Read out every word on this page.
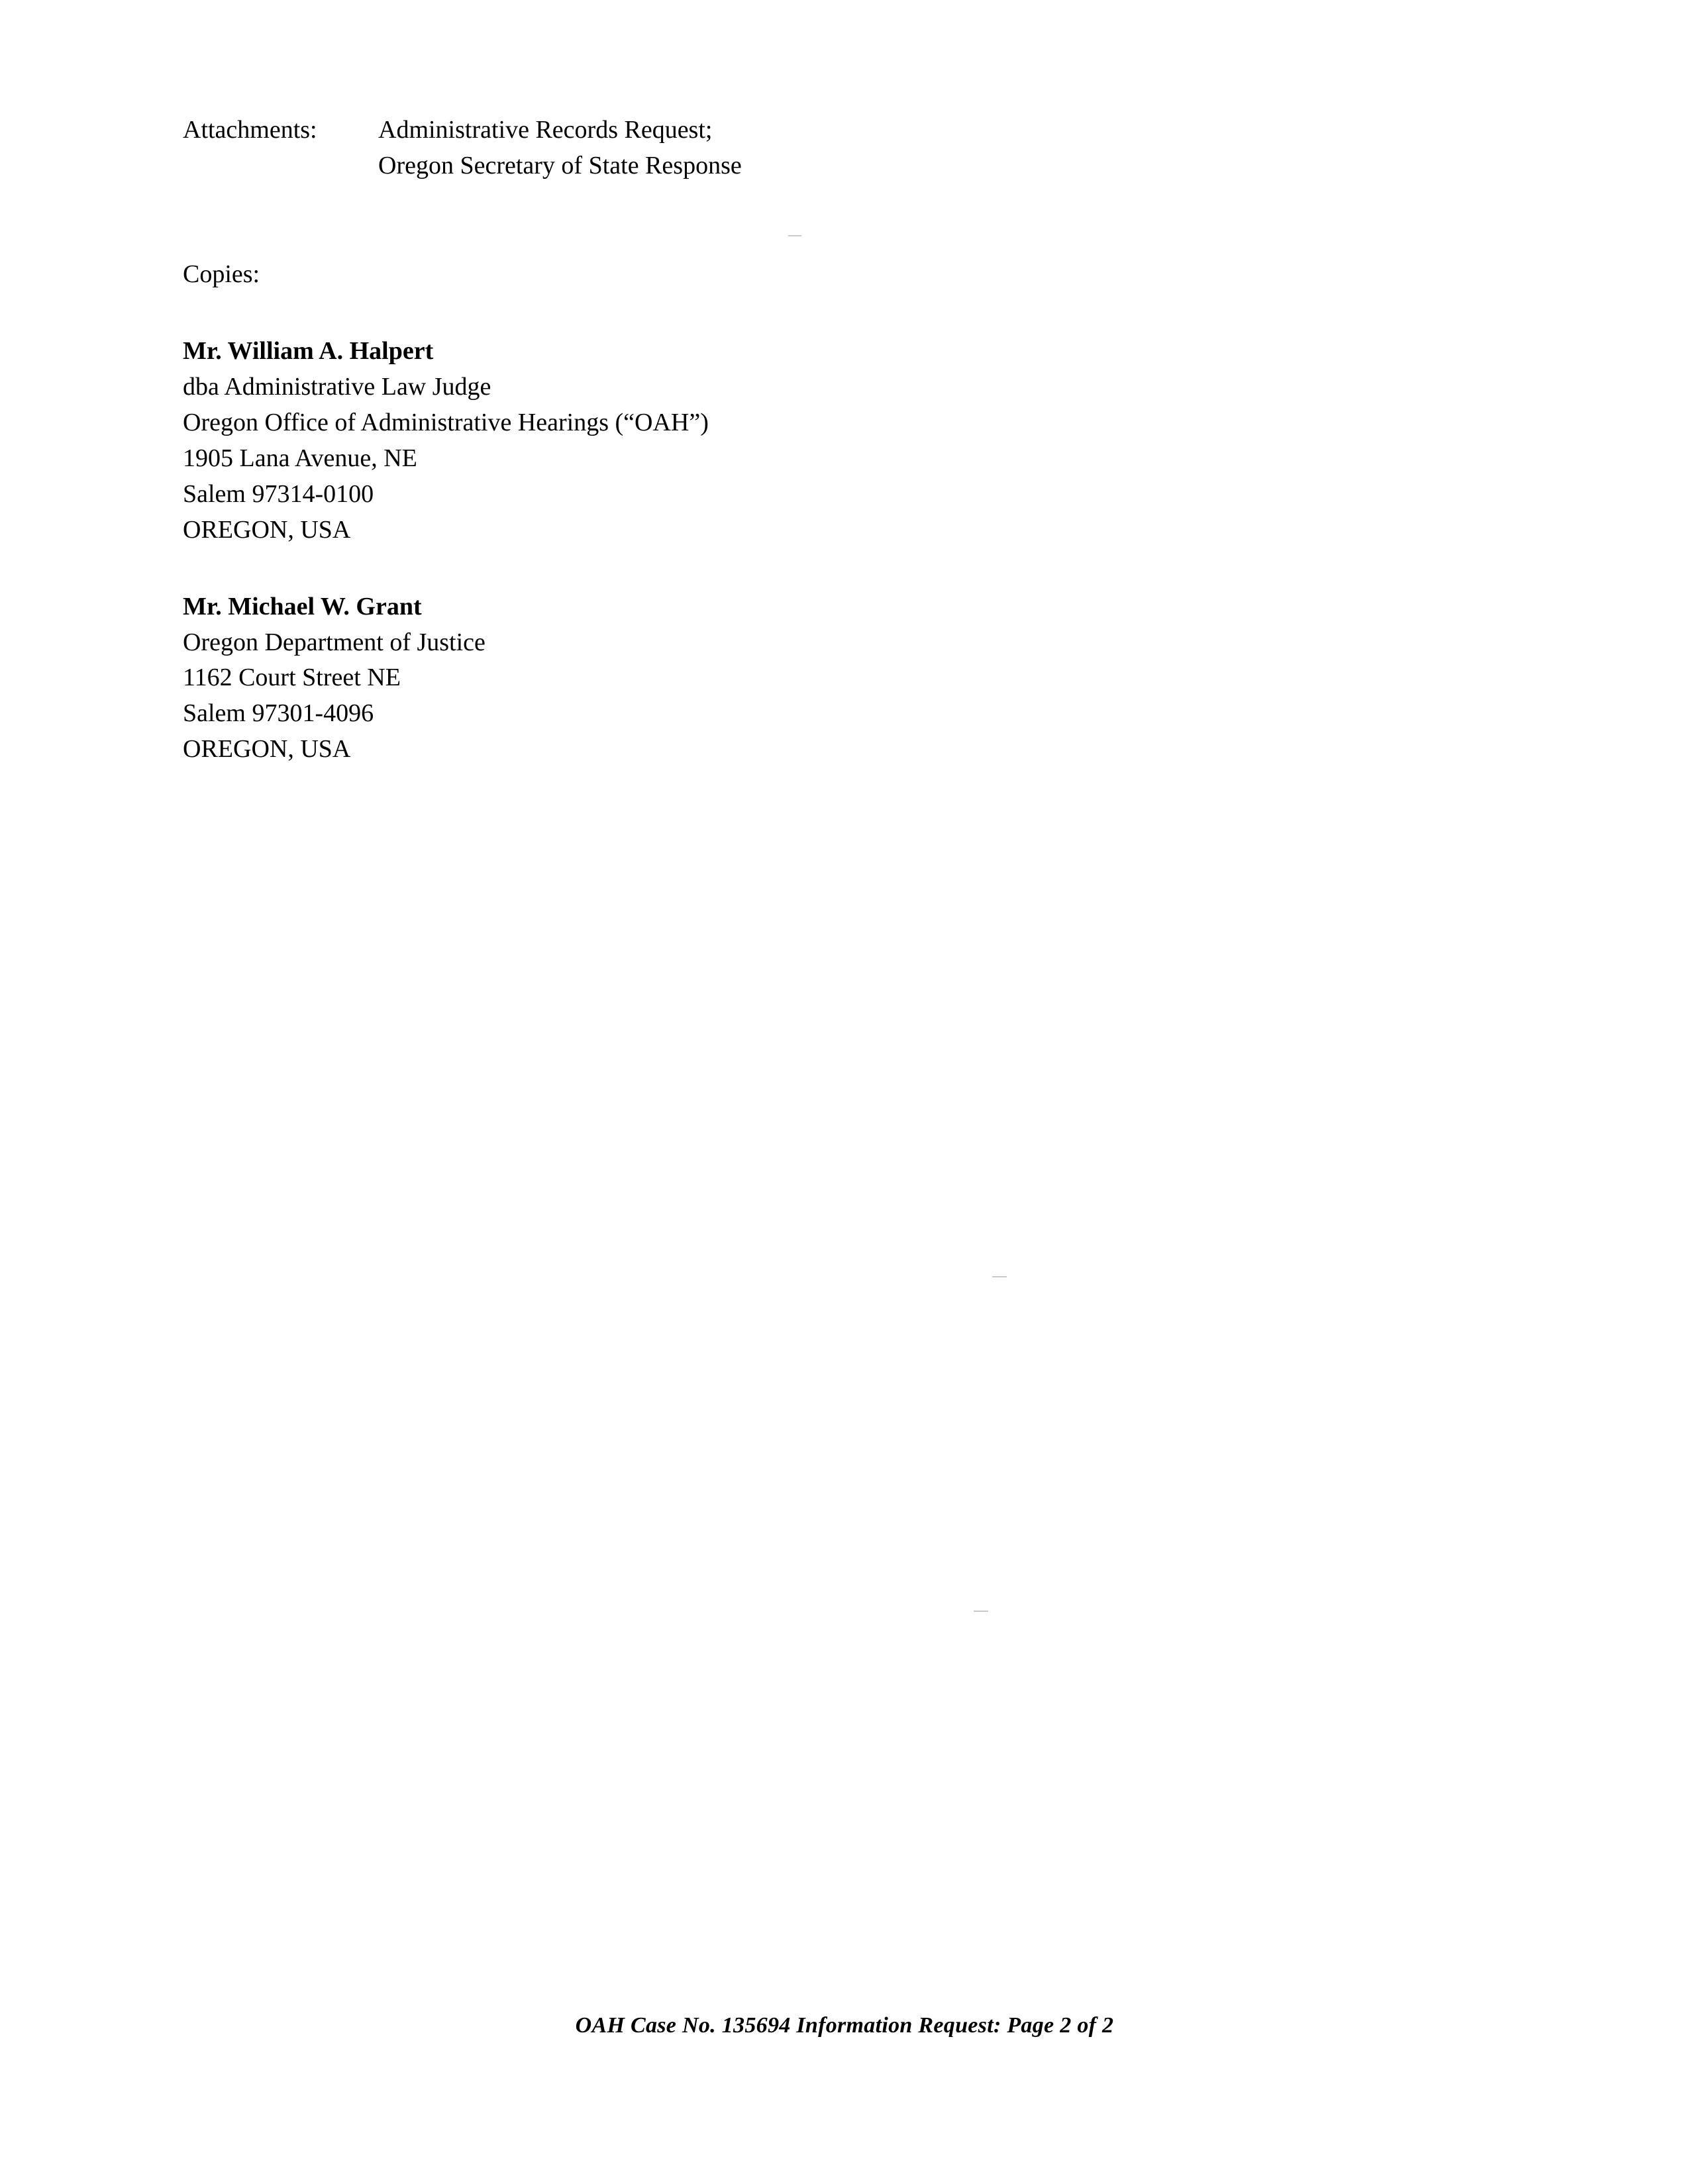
Attachments:	Administrative Records Request;
Oregon Secretary of State Response
Copies:
Mr. William A. Halpert
dba Administrative Law Judge
Oregon Office of Administrative Hearings (“OAH”)
1905 Lana Avenue, NE
Salem 97314-0100
OREGON, USA
Mr. Michael W. Grant
Oregon Department of Justice
1162 Court Street NE
Salem 97301-4096
OREGON, USA
OAH Case No. 135694 Information Request: Page 2 of 2
